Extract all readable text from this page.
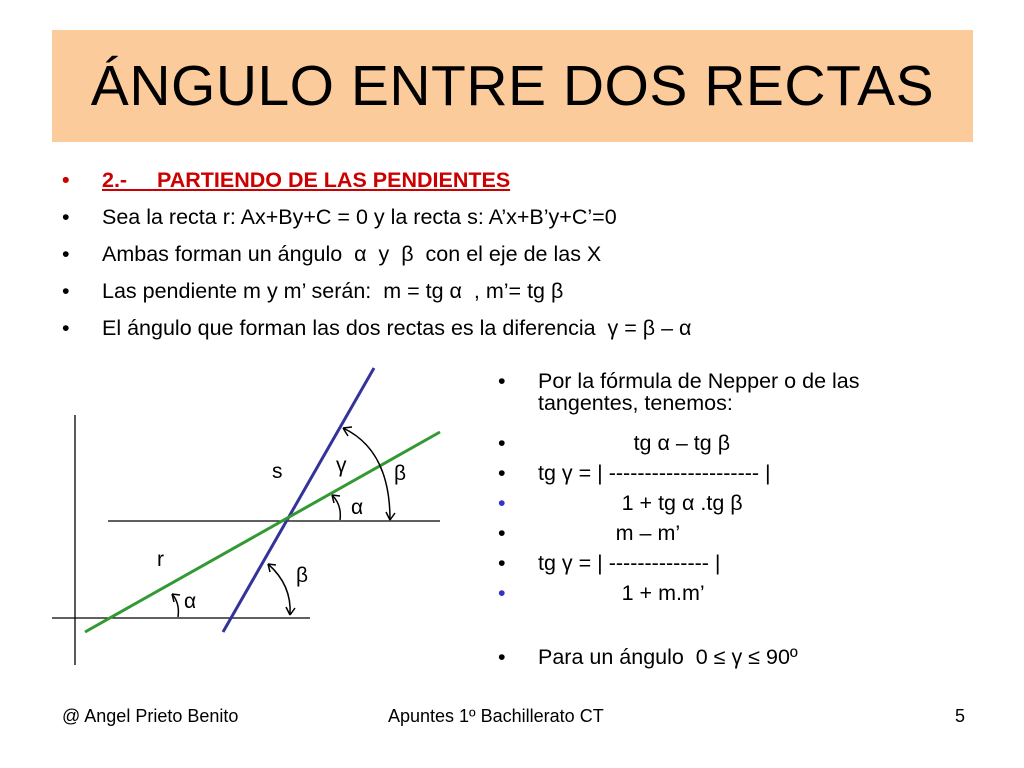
ÁNGULO ENTRE DOS RECTAS
•	2.-     PARTIENDO DE LAS PENDIENTES
•	Sea la recta r: Ax+By+C = 0 y la recta s: A’x+B’y+C’=0
•	Ambas forman un ángulo  α  y  β  con el eje de las X
•	Las pendiente m y m’ serán:  m = tg α  , m’= tg β
•	El ángulo que forman las dos rectas es la diferencia  γ = β – α
s	γ β
α
r
β
α
• Por la fórmula de Nepper o de las tangentes, tenemos:
• tg α – tg β
• tg γ = | --------------------- |
• 1 + tg α .tg β
• m – m’
• tg γ = | -------------- |
• 1 + m.m’
• Para un ángulo  0 ≤ γ ≤ 90º
@ Angel Prieto Benito	Apuntes 1º Bachillerato CT	5
